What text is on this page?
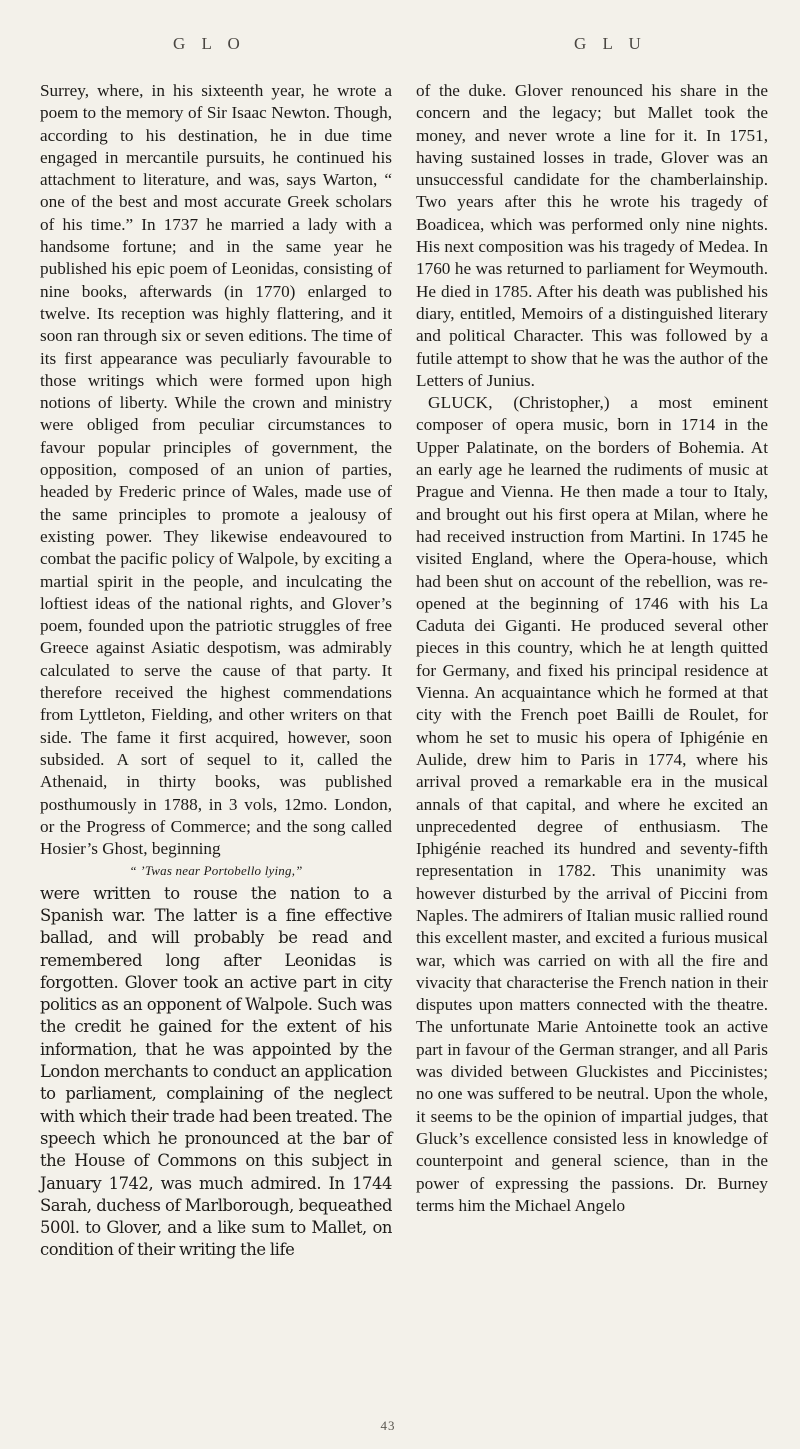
G L O	G L U

Surrey, where, in his sixteenth year, he wrote a poem to the memory of Sir Isaac Newton. Though, according to his destination, he in due time engaged in mercantile pursuits, he continued his attachment to literature, and was, says Warton, “ one of the best and most accurate Greek scholars of his time.” In 1737 he married a lady with a handsome fortune; and in the same year he published his epic poem of Leonidas, consisting of nine books, afterwards (in 1770) enlarged to twelve. Its reception was highly flattering, and it soon ran through six or seven editions. The time of its first appearance was peculiarly favourable to those writings which were formed upon high notions of liberty. While the crown and ministry were obliged from peculiar circumstances to favour popular principles of government, the opposition, composed of an union of parties, headed by Frederic prince of Wales, made use of the same principles to promote a jealousy of existing power. They likewise endeavoured to combat the pacific policy of Walpole, by exciting a martial spirit in the people, and inculcating the loftiest ideas of the national rights, and Glover’s poem, founded upon the patriotic struggles of free Greece against Asiatic despotism, was admirably calculated to serve the cause of that party. It therefore received the highest commendations from Lyttleton, Fielding, and other writers on that side. The fame it first acquired, however, soon subsided. A sort of sequel to it, called the Athenaid, in thirty books, was published posthumously in 1788, in 3 vols, 12mo. London, or the Progress of Commerce; and the song called Hosier’s Ghost, beginning

“ ’Twas near Portobello lying,”

were written to rouse the nation to a Spanish war. The latter is a fine effective ballad, and will probably be read and remembered long after Leonidas is forgotten. Glover took an active part in city politics as an opponent of Walpole. Such was the credit he gained for the extent of his information, that he was appointed by the London merchants to conduct an application to parliament, complaining of the neglect with which their trade had been treated. The speech which he pronounced at the bar of the House of Commons on this subject in January 1742, was much admired. In 1744 Sarah, duchess of Marlborough, bequeathed 500l. to Glover, and a like sum to Mallet, on condition of their writing the life

of the duke. Glover renounced his share in the concern and the legacy; but Mallet took the money, and never wrote a line for it. In 1751, having sustained losses in trade, Glover was an unsuccessful candidate for the chamberlainship. Two years after this he wrote his tragedy of Boadicea, which was performed only nine nights. His next composition was his tragedy of Medea. In 1760 he was returned to parliament for Weymouth. He died in 1785. After his death was published his diary, entitled, Memoirs of a distinguished literary and political Character. This was followed by a futile attempt to show that he was the author of the Letters of Junius.

GLUCK, (Christopher,) a most eminent composer of opera music, born in 1714 in the Upper Palatinate, on the borders of Bohemia. At an early age he learned the rudiments of music at Prague and Vienna. He then made a tour to Italy, and brought out his first opera at Milan, where he had received instruction from Martini. In 1745 he visited England, where the Opera-house, which had been shut on account of the rebellion, was re-opened at the beginning of 1746 with his La Caduta dei Giganti. He produced several other pieces in this country, which he at length quitted for Germany, and fixed his principal residence at Vienna. An acquaintance which he formed at that city with the French poet Bailli de Roulet, for whom he set to music his opera of Iphigénie en Aulide, drew him to Paris in 1774, where his arrival proved a remarkable era in the musical annals of that capital, and where he excited an unprecedented degree of enthusiasm. The Iphigénie reached its hundred and seventy-fifth representation in 1782. This unanimity was however disturbed by the arrival of Piccini from Naples. The admirers of Italian music rallied round this excellent master, and excited a furious musical war, which was carried on with all the fire and vivacity that characterise the French nation in their disputes upon matters connected with the theatre. The unfortunate Marie Antoinette took an active part in favour of the German stranger, and all Paris was divided between Gluckistes and Piccinistes; no one was suffered to be neutral. Upon the whole, it seems to be the opinion of impartial judges, that Gluck’s excellence consisted less in knowledge of counterpoint and general science, than in the power of expressing the passions. Dr. Burney terms him the Michael Angelo

43
